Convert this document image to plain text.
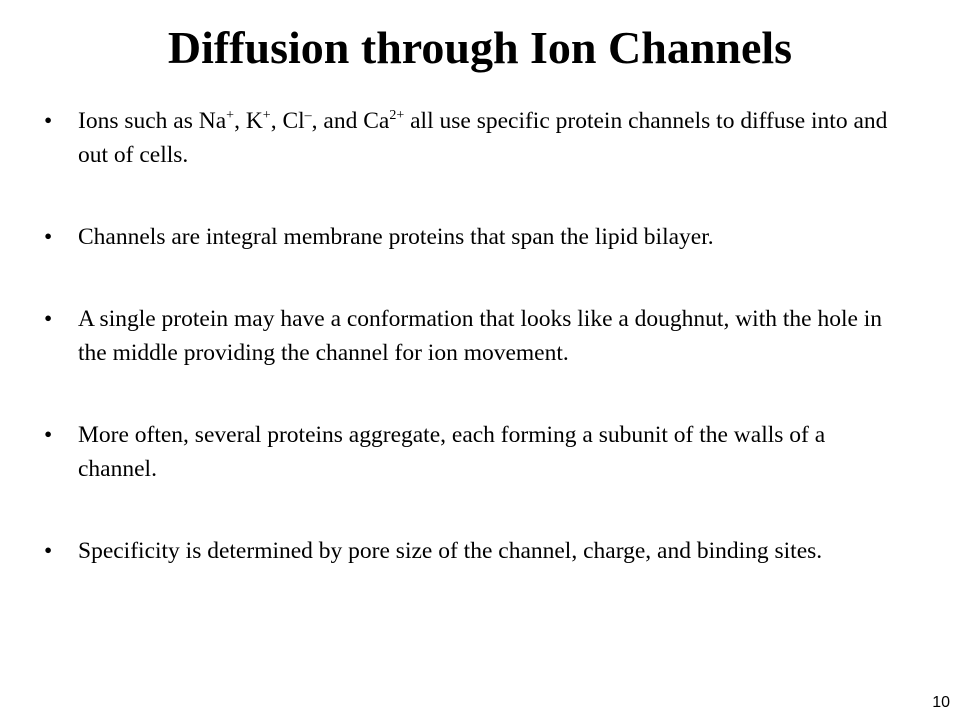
Diffusion through Ion Channels
• Ions such as Na+, K+, Cl–, and $Ca^{2+}$ all use specific protein channels to diffuse into and out of cells.
• Channels are integral membrane proteins that span the lipid bilayer.
• A single protein may have a conformation that looks like a doughnut, with the hole in the middle providing the channel for ion movement.
• More often, several proteins aggregate, each forming a subunit of the walls of a channel.
• Specificity is determined by pore size of the channel, charge, and binding sites.
10
